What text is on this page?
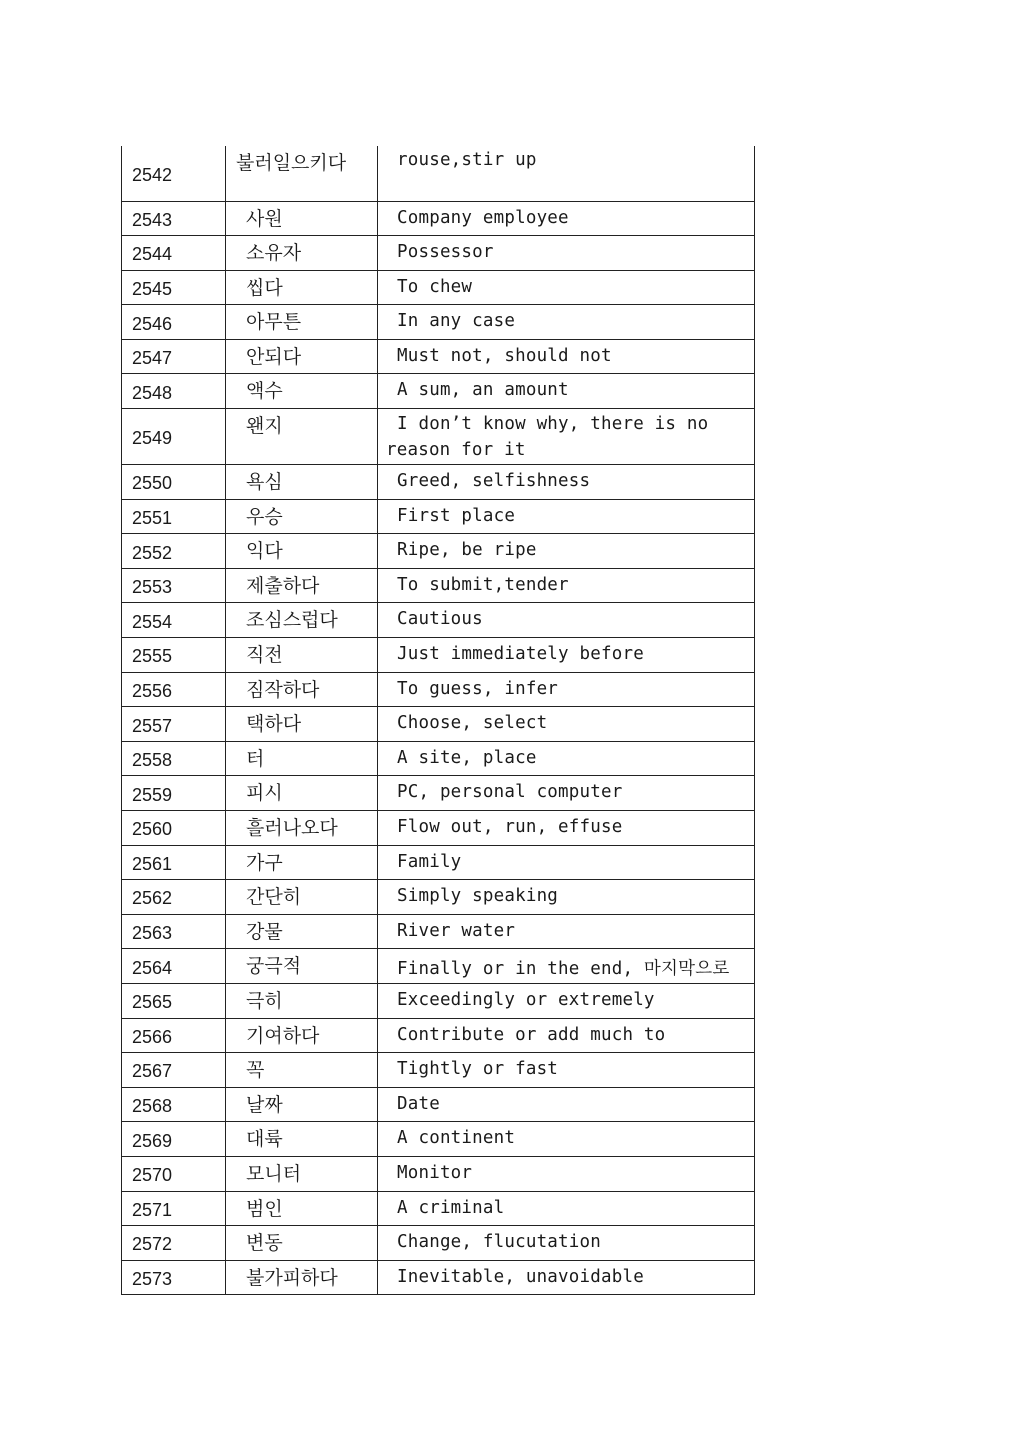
2542	불러일으키다	rouse,stir up
2543	사원	Company employee
2544	소유자	Possessor
2545	씹다	To chew
2546	아무튼	In any case
2547	안되다	Must not, should not
2548	액수	A sum, an amount
2549	왠지	I don’t know why, there is no
reason for it

2550	욕심	Greed, selfishness
2551	우승	First place
2552	익다	Ripe, be ripe
2553	제출하다	To submit,tender
2554	조심스럽다	Cautious
2555	직전	Just immediately before
2556	짐작하다	To guess, infer
2557	택하다	Choose, select
2558	터	A site, place
2559	피시	PC, personal computer
2560	흘러나오다	Flow out, run, effuse
2561	가구	Family
2562	간단히	Simply speaking
2563	강물	River water
2564	궁극적	Finally or in the end, 마지막으로
2565	극히	Exceedingly or extremely
2566	기여하다	Contribute or add much to
2567	꼭	Tightly or fast
2568	날짜	Date
2569	대륙	A continent
2570	모니터	Monitor
2571	범인	A criminal
2572	변동	Change, flucutation
2573	불가피하다	Inevitable, unavoidable
